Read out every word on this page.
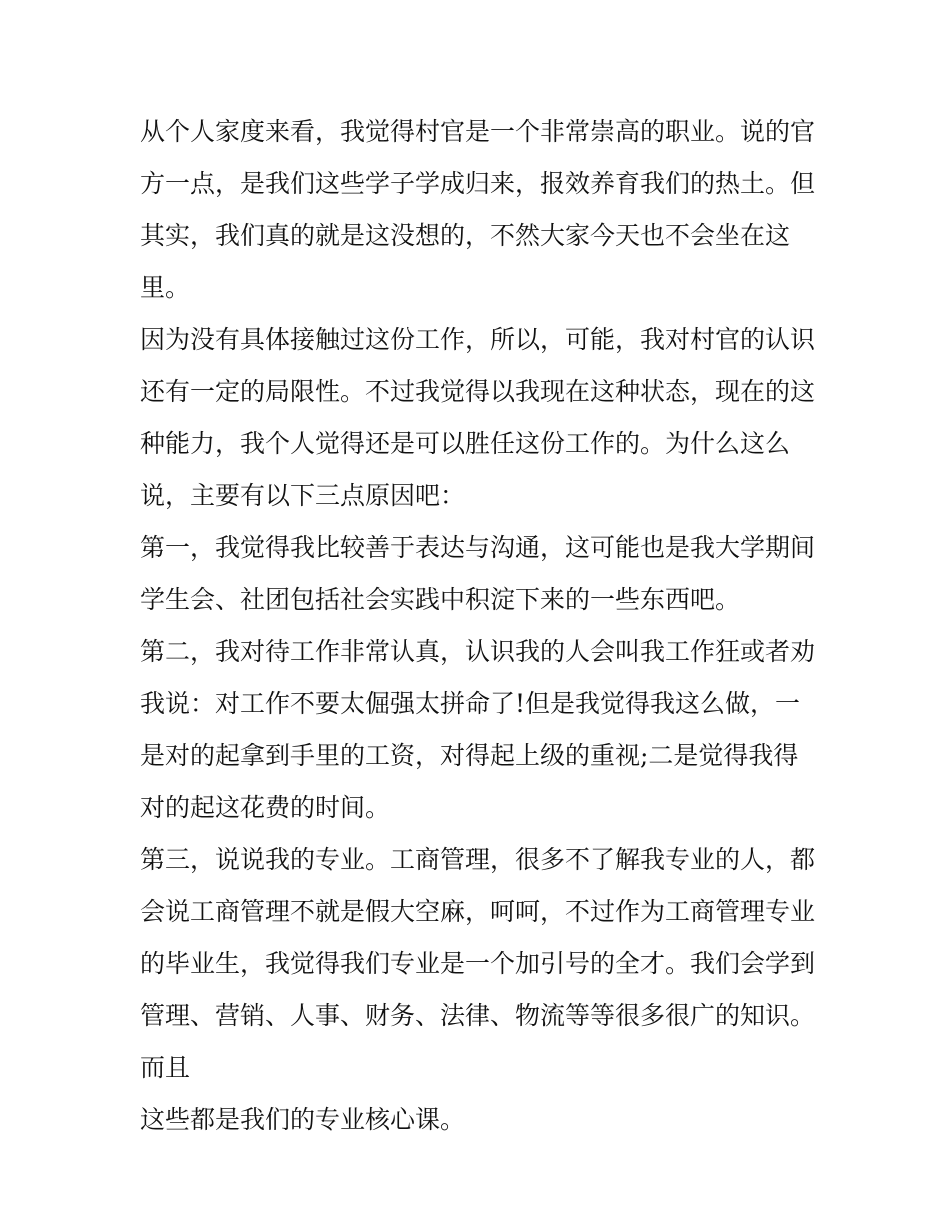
从个人家度来看，我觉得村官是一个非常崇高的职业。说的官

方一点，是我们这些学子学成归来，报效养育我们的热土。但

其实，我们真的就是这没想的，不然大家今天也不会坐在这

里。

因为没有具体接触过这份工作，所以，可能，我对村官的认识

还有一定的局限性。不过我觉得以我现在这种状态，现在的这

种能力，我个人觉得还是可以胜任这份工作的。为什么这么

说，主要有以下三点原因吧：

第一，我觉得我比较善于表达与沟通，这可能也是我大学期间

学生会、社团包括社会实践中积淀下来的一些东西吧。

第二，我对待工作非常认真，认识我的人会叫我工作狂或者劝

我说：对工作不要太倔强太拼命了!但是我觉得我这么做，一

是对的起拿到手里的工资，对得起上级的重视;二是觉得我得

对的起这花费的时间。

第三，说说我的专业。工商管理，很多不了解我专业的人，都

会说工商管理不就是假大空麻，呵呵，不过作为工商管理专业

的毕业生，我觉得我们专业是一个加引号的全才。我们会学到

管理、营销、人事、财务、法律、物流等等很多很广的知识。

而且

这些都是我们的专业核心课。
